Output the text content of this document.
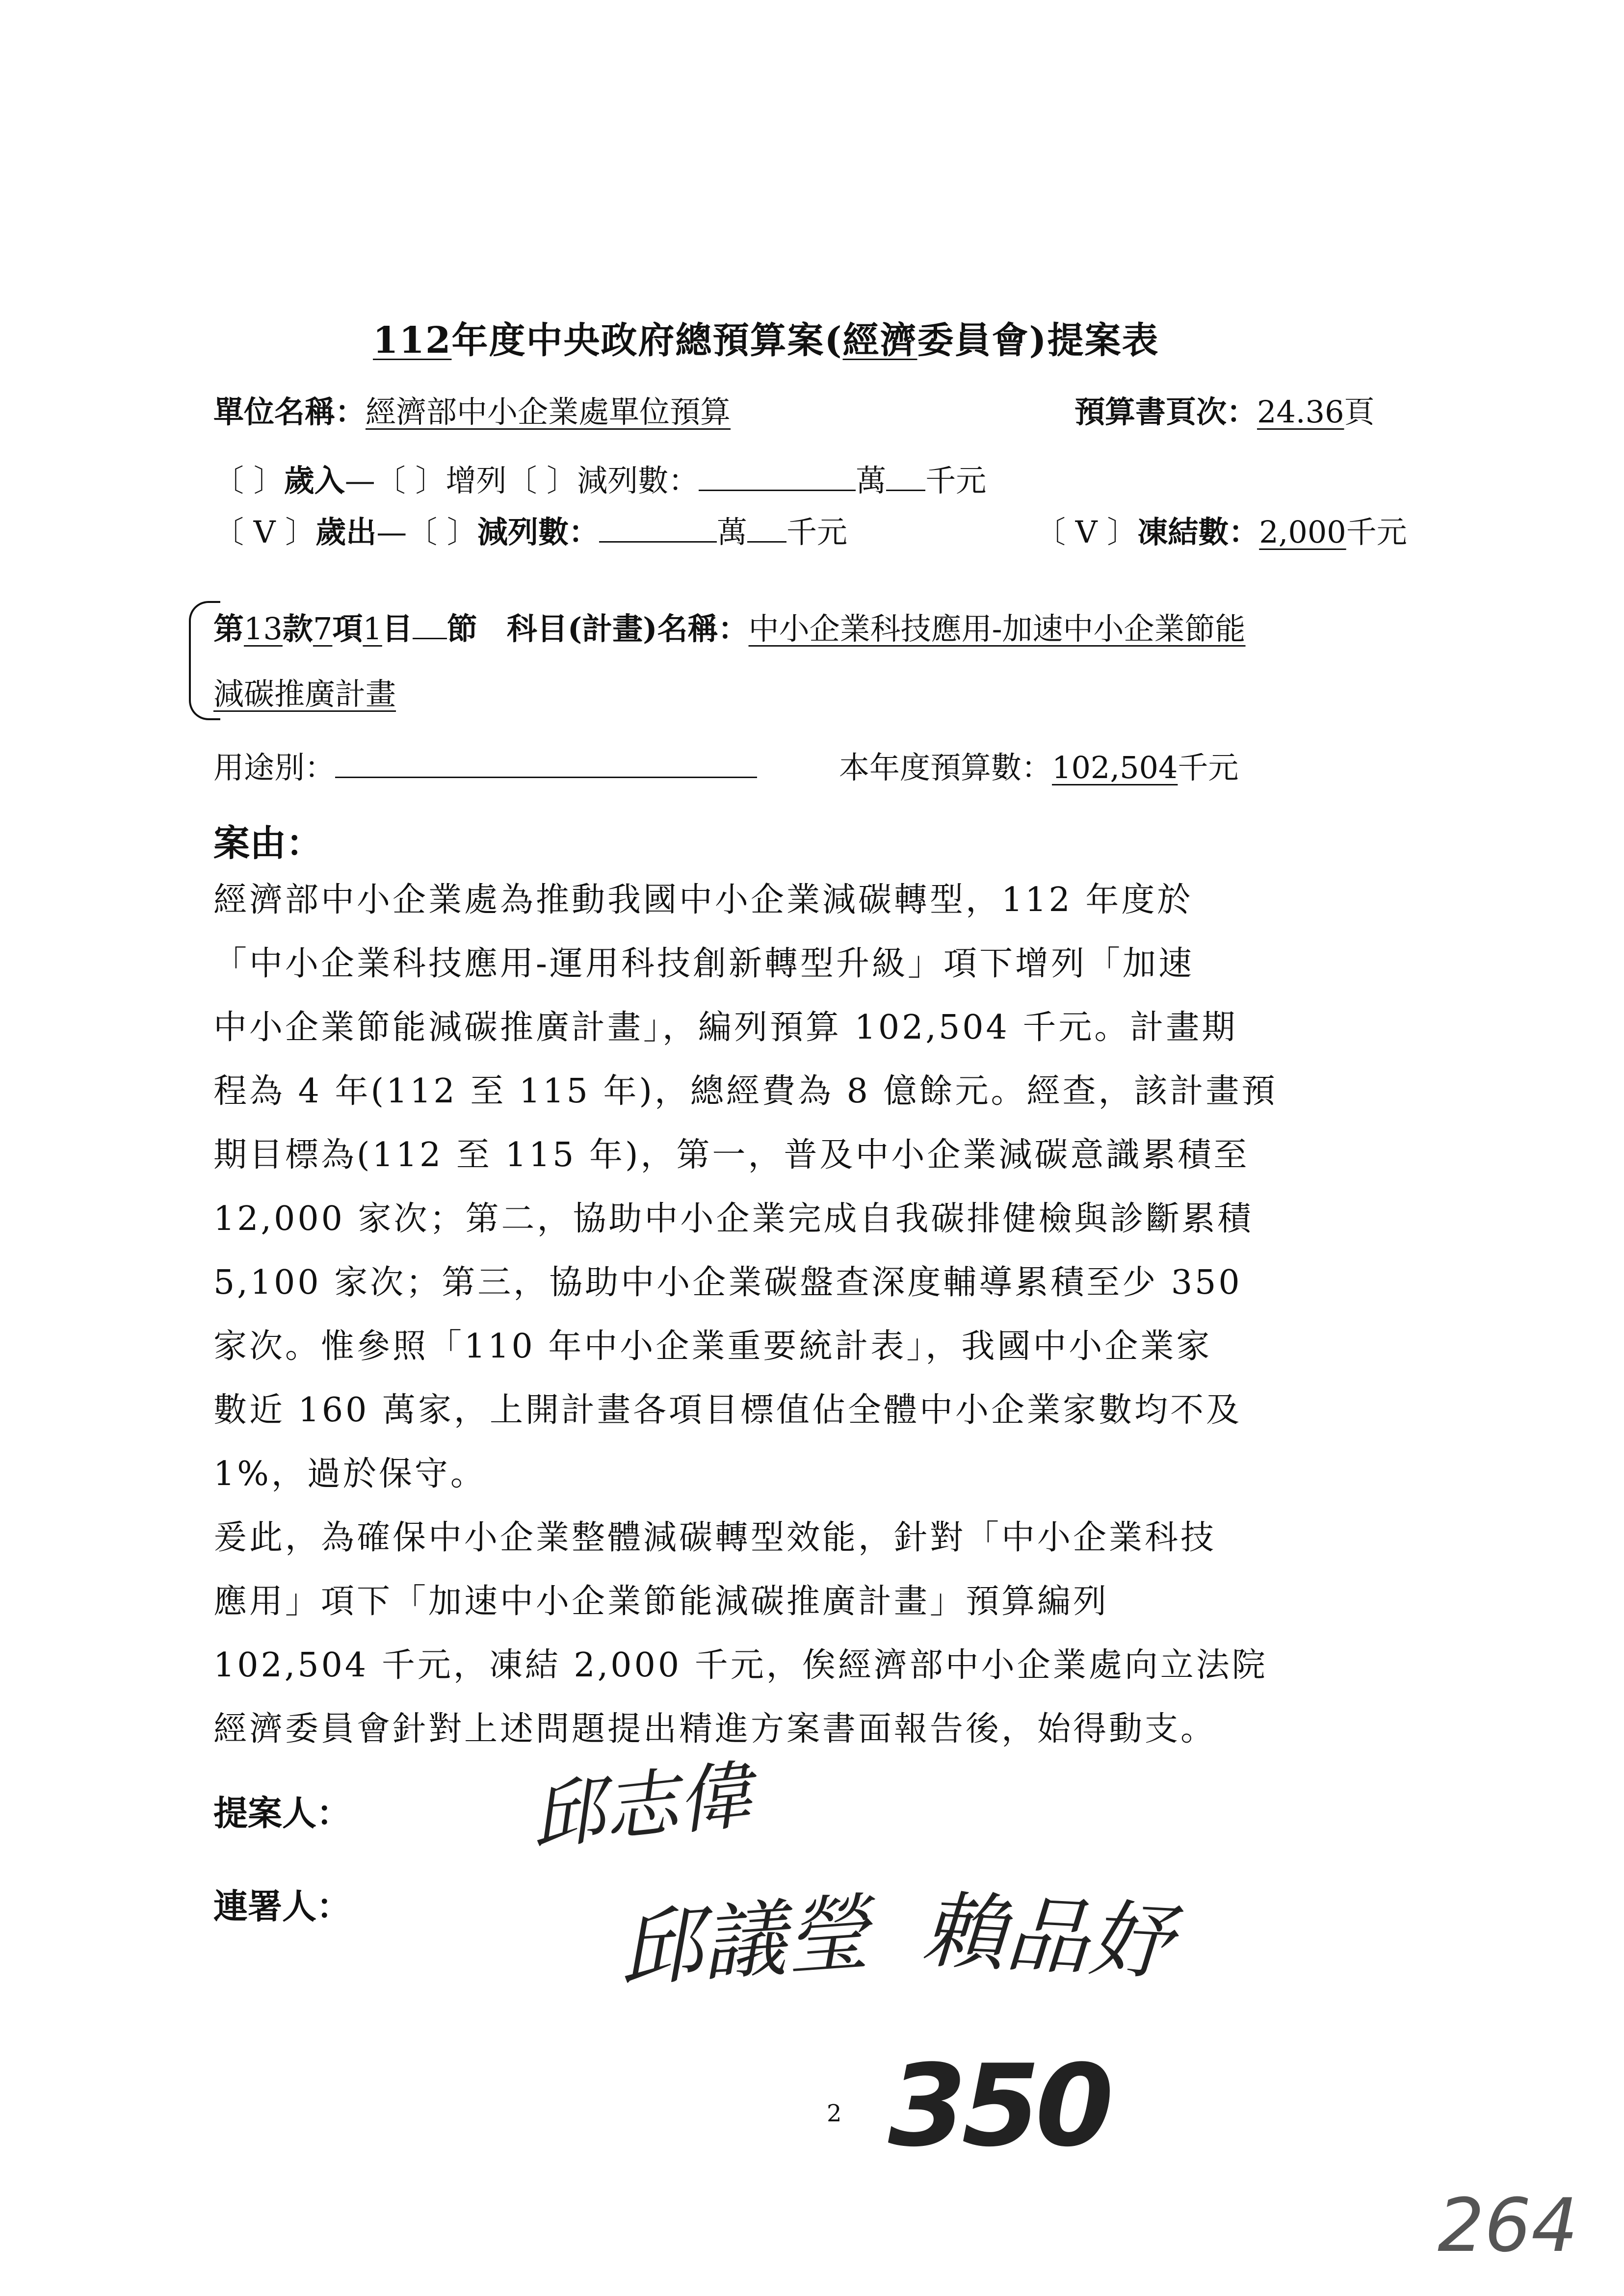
112年度中央政府總預算案(經濟委員會)提案表
單位名稱：經濟部中小企業處單位預算	預算書頁次：24.36頁
〔 〕歲入—〔 〕增列〔 〕減列數：	萬 千元
〔 V 〕歲出—〔 〕減列數：	萬 千元	〔 V 〕凍結數：2,000千元
第13款7項1目 節 科目(計畫)名稱：中小企業科技應用-加速中小企業節能
減碳推廣計畫
用途別：	本年度預算數：102,504千元
案由：
經濟部中小企業處為推動我國中小企業減碳轉型，112 年度於
「中小企業科技應用-運用科技創新轉型升級」項下增列「加速
中小企業節能減碳推廣計畫」，編列預算 102,504 千元。計畫期
程為 4 年(112 至 115 年)，總經費為 8 億餘元。經查，該計畫預
期目標為(112 至 115 年)，第一，普及中小企業減碳意識累積至
12,000 家次；第二，協助中小企業完成自我碳排健檢與診斷累積
5,100 家次；第三，協助中小企業碳盤查深度輔導累積至少 350
家次。惟參照「110 年中小企業重要統計表」，我國中小企業家
數近 160 萬家，上開計畫各項目標值佔全體中小企業家數均不及
1%，過於保守。
爰此，為確保中小企業整體減碳轉型效能，針對「中小企業科技
應用」項下「加速中小企業節能減碳推廣計畫」預算編列
102,504 千元，凍結 2,000 千元，俟經濟部中小企業處向立法院
經濟委員會針對上述問題提出精進方案書面報告後，始得動支。
提案人： 邱志偉
連署人：	邱議瑩 賴品妤
2 350
264
